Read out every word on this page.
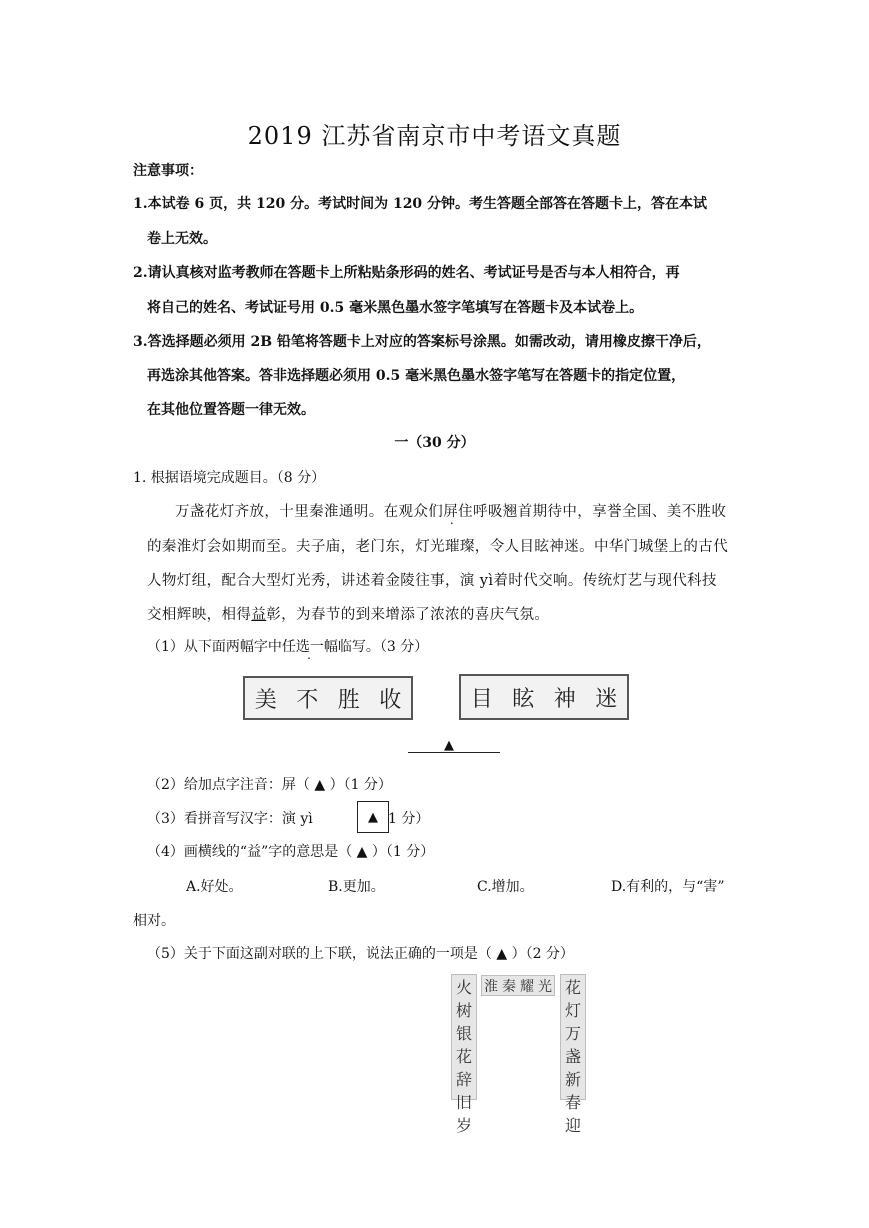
2019 江苏省南京市中考语文真题
注意事项：
1.本试卷 6 页，共 120 分。考试时间为 120 分钟。考生答题全部答在答题卡上，答在本试
卷上无效。
2.请认真核对监考教师在答题卡上所粘贴条形码的姓名、考试证号是否与本人相符合，再
将自己的姓名、考试证号用 0.5 毫米黑色墨水签字笔填写在答题卡及本试卷上。
3.答选择题必须用 2B 铅笔将答题卡上对应的答案标号涂黑。如需改动，请用橡皮擦干净后，
再选涂其他答案。答非选择题必须用 0.5 毫米黑色墨水签字笔写在答题卡的指定位置，
在其他位置答题一律无效。
一（30 分）
1. 根据语境完成题目。（8 分）
万盏花灯齐放，十里秦淮通明。在观众们屏住呼吸翘首期待中，享誉全国、美不胜收
的秦淮灯会如期而至。夫子庙，老门东，灯光璀璨，令人目眩神迷。中华门城堡上的古代
人物灯组，配合大型灯光秀，讲述着金陵往事，演 yì着时代交响。传统灯艺与现代科技
交相辉映，相得益彰，为春节的到来增添了浓浓的喜庆气氛。
（1）从下面两幅字中任选一幅临写。（3 分）
美 不 胜 收	目 眩 神 迷
▲
（2）给加点字注音：屏（ ▲ ）（1 分）
（3）看拼音写汉字：演 yì	▲ 1 分）
（4）画横线的“益”字的意思是（ ▲ ）（1 分）
A.好处。	B.更加。	C.增加。	D.有利的，与“害”
相对。
（5）关于下面这副对联的上下联，说法正确的一项是（ ▲ ）（2 分）
火
树
银
花
辞
旧
岁
淮 秦 耀 光 花
灯
万
盏
新
春
迎
